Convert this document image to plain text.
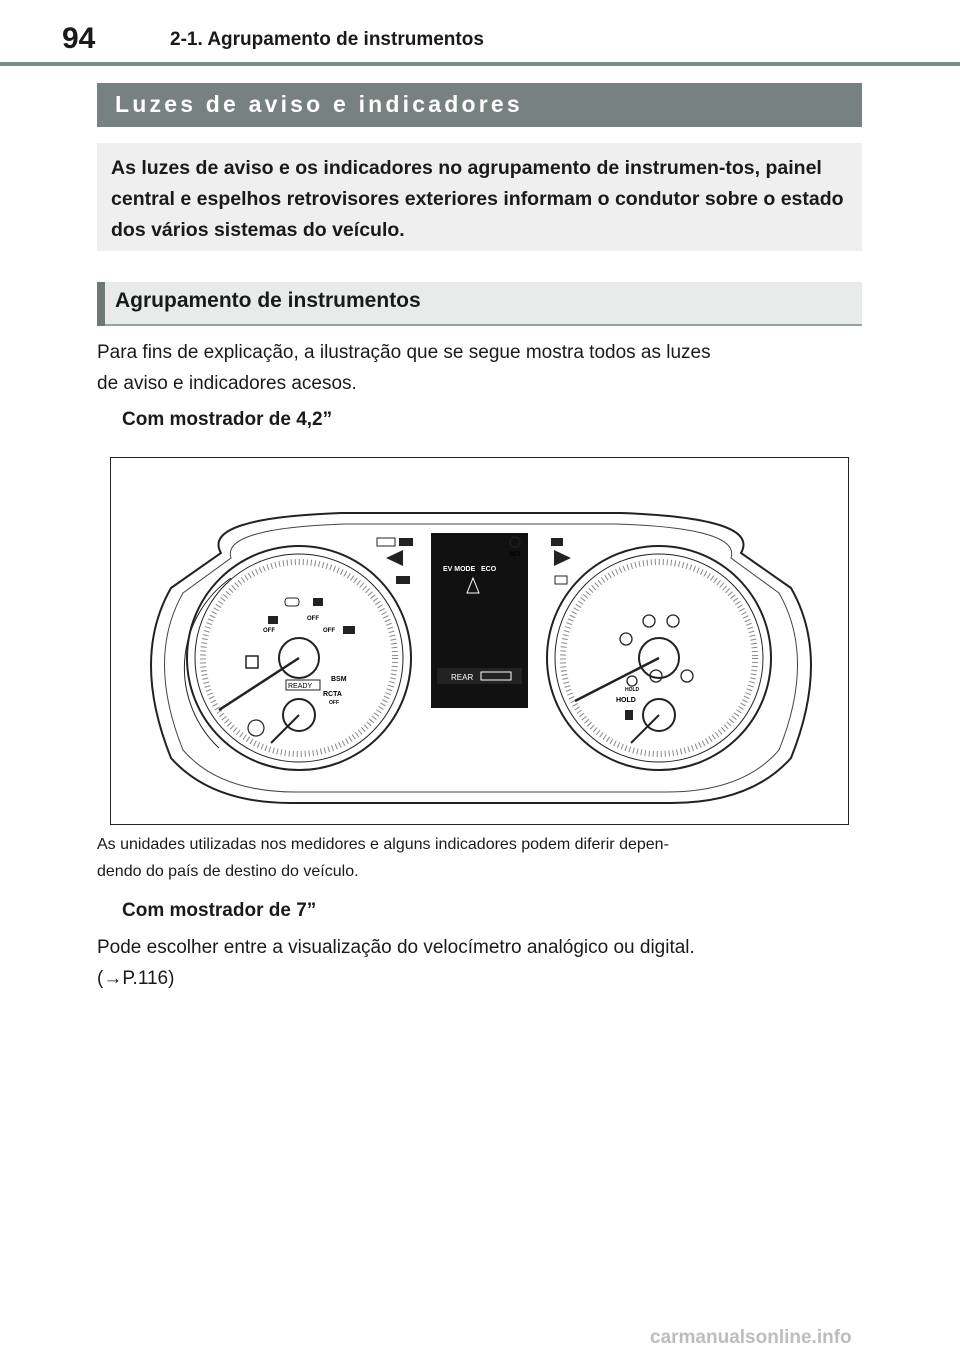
94	2-1. Agrupamento de instrumentos
Luzes de aviso e indicadores

As luzes de aviso e os indicadores no agrupamento de instrumen-tos, painel central e espelhos retrovisores exteriores informam o condutor sobre o estado dos vários sistemas do veículo.

Agrupamento de instrumentos
Para fins de explicação, a ilustração que se segue mostra todos as luzes
de aviso e indicadores acesos.
Com mostrador de 4,2”
OFF
OFF
OFF
READY
BSM
RCTA
OFF
HOLD
HOLD
EV MODE ECO
REAR
SET
As unidades utilizadas nos medidores e alguns indicadores podem diferir depen-
dendo do país de destino do veículo.
Com mostrador de 7”
Pode escolher entre a visualização do velocímetro analógico ou digital.
(→P.116)
carmanualsonline.info
